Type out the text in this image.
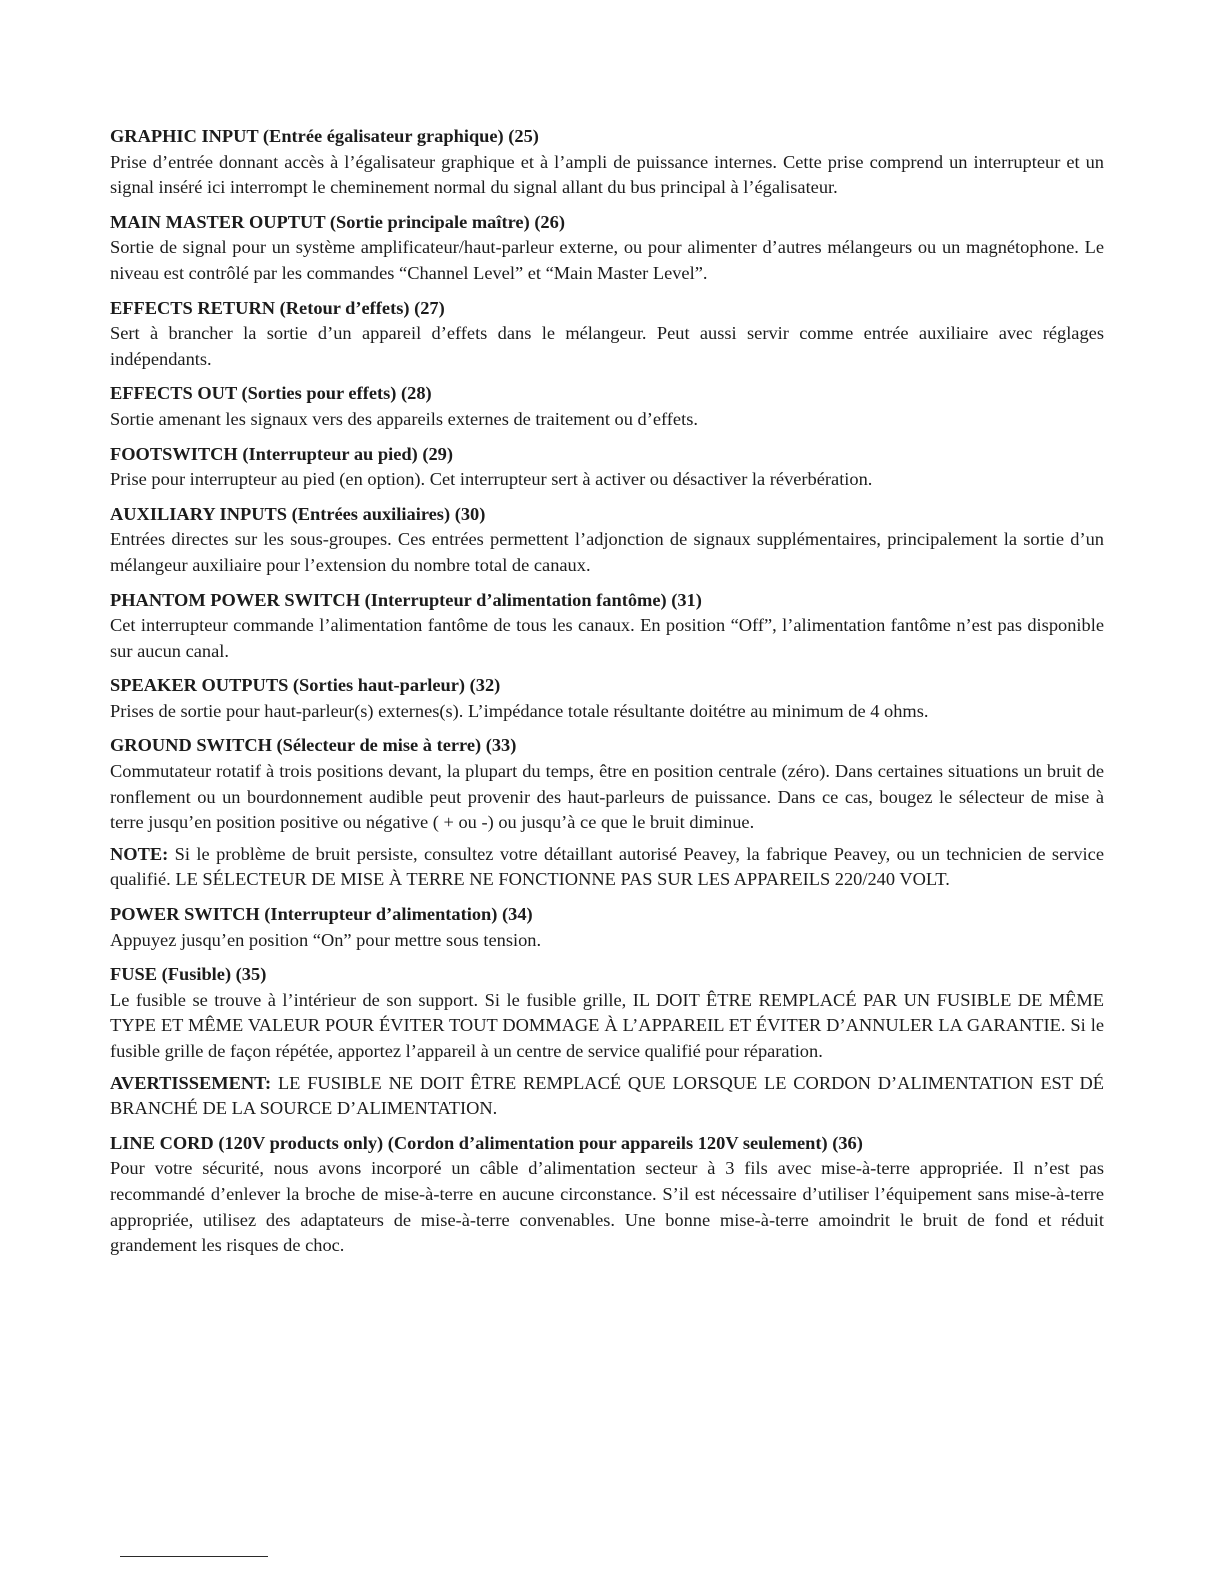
GRAPHIC INPUT (Entrée égalisateur graphique) (25)

Prise d’entrée donnant accès à l’égalisateur graphique et à l’ampli de puissance internes. Cette prise comprend un interrupteur et un signal inséré ici interrompt le cheminement normal du signal allant du bus principal à l’égalisateur.

MAIN MASTER OUPTUT (Sortie principale maître) (26)

Sortie de signal pour un système amplificateur/haut-parleur externe, ou pour alimenter d’autres mélangeurs ou un magnétophone. Le niveau est contrôlé par les commandes “Channel Level” et “Main Master Level”.

EFFECTS RETURN (Retour d’effets) (27)

Sert à brancher la sortie d’un appareil d’effets dans le mélangeur. Peut aussi servir comme entrée auxiliaire avec réglages indépendants.

EFFECTS OUT (Sorties pour effets) (28)

Sortie amenant les signaux vers des appareils externes de traitement ou d’effets.

FOOTSWITCH (Interrupteur au pied) (29)

Prise pour interrupteur au pied (en option). Cet interrupteur sert à activer ou désactiver la réverbération.

AUXILIARY INPUTS (Entrées auxiliaires) (30)

Entrées directes sur les sous-groupes. Ces entrées permettent l’adjonction de signaux supplémentaires, principalement la sortie d’un mélangeur auxiliaire pour l’extension du nombre total de canaux.

PHANTOM POWER SWITCH (Interrupteur d’alimentation fantôme) (31)

Cet interrupteur commande l’alimentation fantôme de tous les canaux. En position “Off”, l’alimentation fantôme n’est pas disponible sur aucun canal.

SPEAKER OUTPUTS (Sorties haut-parleur) (32)

Prises de sortie pour haut-parleur(s) externes(s). L’impédance totale résultante doitétre au minimum de 4 ohms.

GROUND SWITCH (Sélecteur de mise à terre) (33)

Commutateur rotatif à trois positions devant, la plupart du temps, être en position centrale (zéro). Dans certaines situations un bruit de ronflement ou un bourdonnement audible peut provenir des haut-parleurs de puissance. Dans ce cas, bougez le sélecteur de mise à terre jusqu’en position positive ou négative ( + ou -) ou jusqu’à ce que le bruit diminue.

NOTE: Si le problème de bruit persiste, consultez votre détaillant autorisé Peavey, la fabrique Peavey, ou un technicien de service qualifié. LE SÉLECTEUR DE MISE À TERRE NE FONCTIONNE PAS SUR LES APPAREILS 220/240 VOLT.

POWER SWITCH (Interrupteur d’alimentation) (34)

Appuyez jusqu’en position “On” pour mettre sous tension.

FUSE (Fusible) (35)

Le fusible se trouve à l’intérieur de son support. Si le fusible grille, IL DOIT ÊTRE REMPLACÉ PAR UN FUSIBLE DE MÊME TYPE ET MÊME VALEUR POUR ÉVITER TOUT DOMMAGE À L’APPAREIL ET ÉVITER D’ANNULER LA GARANTIE. Si le fusible grille de façon répétée, apportez l’appareil à un centre de service qualifié pour réparation.

AVERTISSEMENT: LE FUSIBLE NE DOIT ÊTRE REMPLACÉ QUE LORSQUE LE CORDON D’ALIMENTATION EST DÉ BRANCHÉ DE LA SOURCE D’ALIMENTATION.

LINE CORD (120V products only) (Cordon d’alimentation pour appareils 120V seulement) (36)

Pour votre sécurité, nous avons incorporé un câble d’alimentation secteur à 3 fils avec mise-à-terre appropriée. Il n’est pas recommandé d’enlever la broche de mise-à-terre en aucune circonstance. S’il est nécessaire d’utiliser l’équipement sans mise-à-terre appropriée, utilisez des adaptateurs de mise-à-terre convenables. Une bonne mise-à-terre amoindrit le bruit de fond et réduit grandement les risques de choc.
